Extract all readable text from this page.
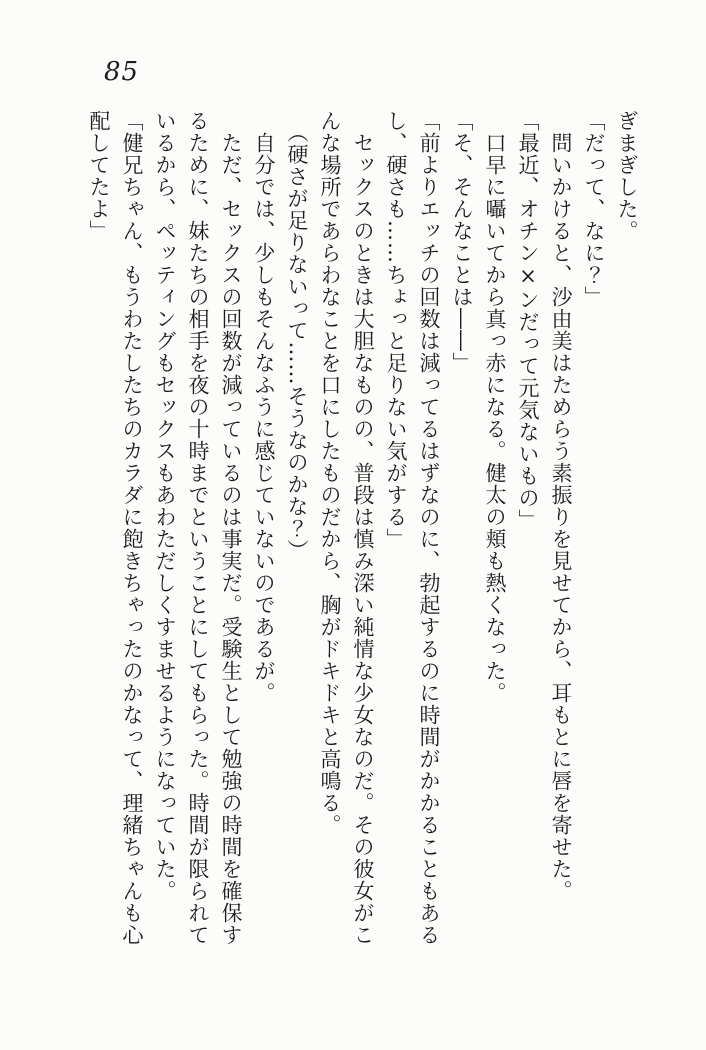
85

ぎまぎした。

「だって、なに？」

　問いかけると、沙由美はためらう素振りを見せてから、耳もとに唇を寄せた。

「最近、オチン×ンだって元気ないもの」

　口早に囁いてから真っ赤になる。健太の頬も熱くなった。

「そ、そんなことは――」

「前よりエッチの回数は減ってるはずなのに、勃起するのに時間がかかることもあるし、硬さも……ちょっと足りない気がする」

　セックスのときは大胆なものの、普段は慎み深い純情な少女なのだ。その彼女がこんな場所であらわなことを口にしたものだから、胸がドキドキと高鳴る。

　（硬さが足りないって……そうなのかな？）

　自分では、少しもそんなふうに感じていないのであるが。

　ただ、セックスの回数が減っているのは事実だ。受験生として勉強の時間を確保するために、妹たちの相手を夜の十時までということにしてもらった。時間が限られているから、ペッティングもセックスもあわただしくすませるようになっていた。

「健兄ちゃん、もうわたしたちのカラダに飽きちゃったのかなって、理緒ちゃんも心配してたよ」
